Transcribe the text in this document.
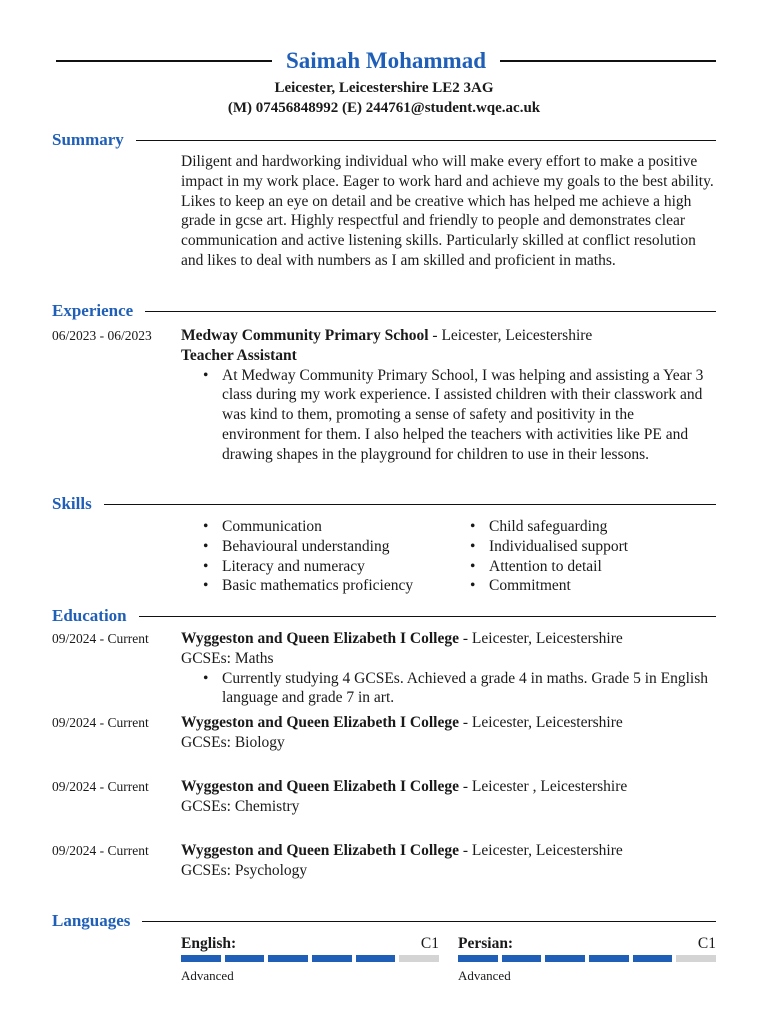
Saimah Mohammad
Leicester, Leicestershire LE2 3AG
(M) 07456848992 (E) 244761@student.wqe.ac.uk
Summary
Diligent and hardworking individual who will make every effort to make a positive impact in my work place. Eager to work hard and achieve my goals to the best ability. Likes to keep an eye on detail and be creative which has helped me achieve a high grade in gcse art. Highly respectful and friendly to people and demonstrates clear communication and active listening skills. Particularly skilled at conflict resolution and likes to deal with numbers as I am skilled and proficient in maths.
Experience
06/2023 - 06/2023 Medway Community Primary School - Leicester, Leicestershire
Teacher Assistant
• At Medway Community Primary School, I was helping and assisting a Year 3 class during my work experience. I assisted children with their classwork and was kind to them, promoting a sense of safety and positivity in the environment for them. I also helped the teachers with activities like PE and drawing shapes in the playground for children to use in their lessons.
Skills
• Communication
• Behavioural understanding
• Literacy and numeracy
• Basic mathematics proficiency
• Child safeguarding
• Individualised support
• Attention to detail
• Commitment
Education
09/2024 - Current Wyggeston and Queen Elizabeth I College - Leicester, Leicestershire
GCSEs: Maths
• Currently studying 4 GCSEs. Achieved a grade 4 in maths. Grade 5 in English language and grade 7 in art.
09/2024 - Current Wyggeston and Queen Elizabeth I College - Leicester, Leicestershire
GCSEs: Biology
09/2024 - Current Wyggeston and Queen Elizabeth I College - Leicester , Leicestershire
GCSEs: Chemistry
09/2024 - Current Wyggeston and Queen Elizabeth I College - Leicester, Leicestershire
GCSEs: Psychology
Languages
English:	C1
Advanced
Persian:	C1
Advanced
